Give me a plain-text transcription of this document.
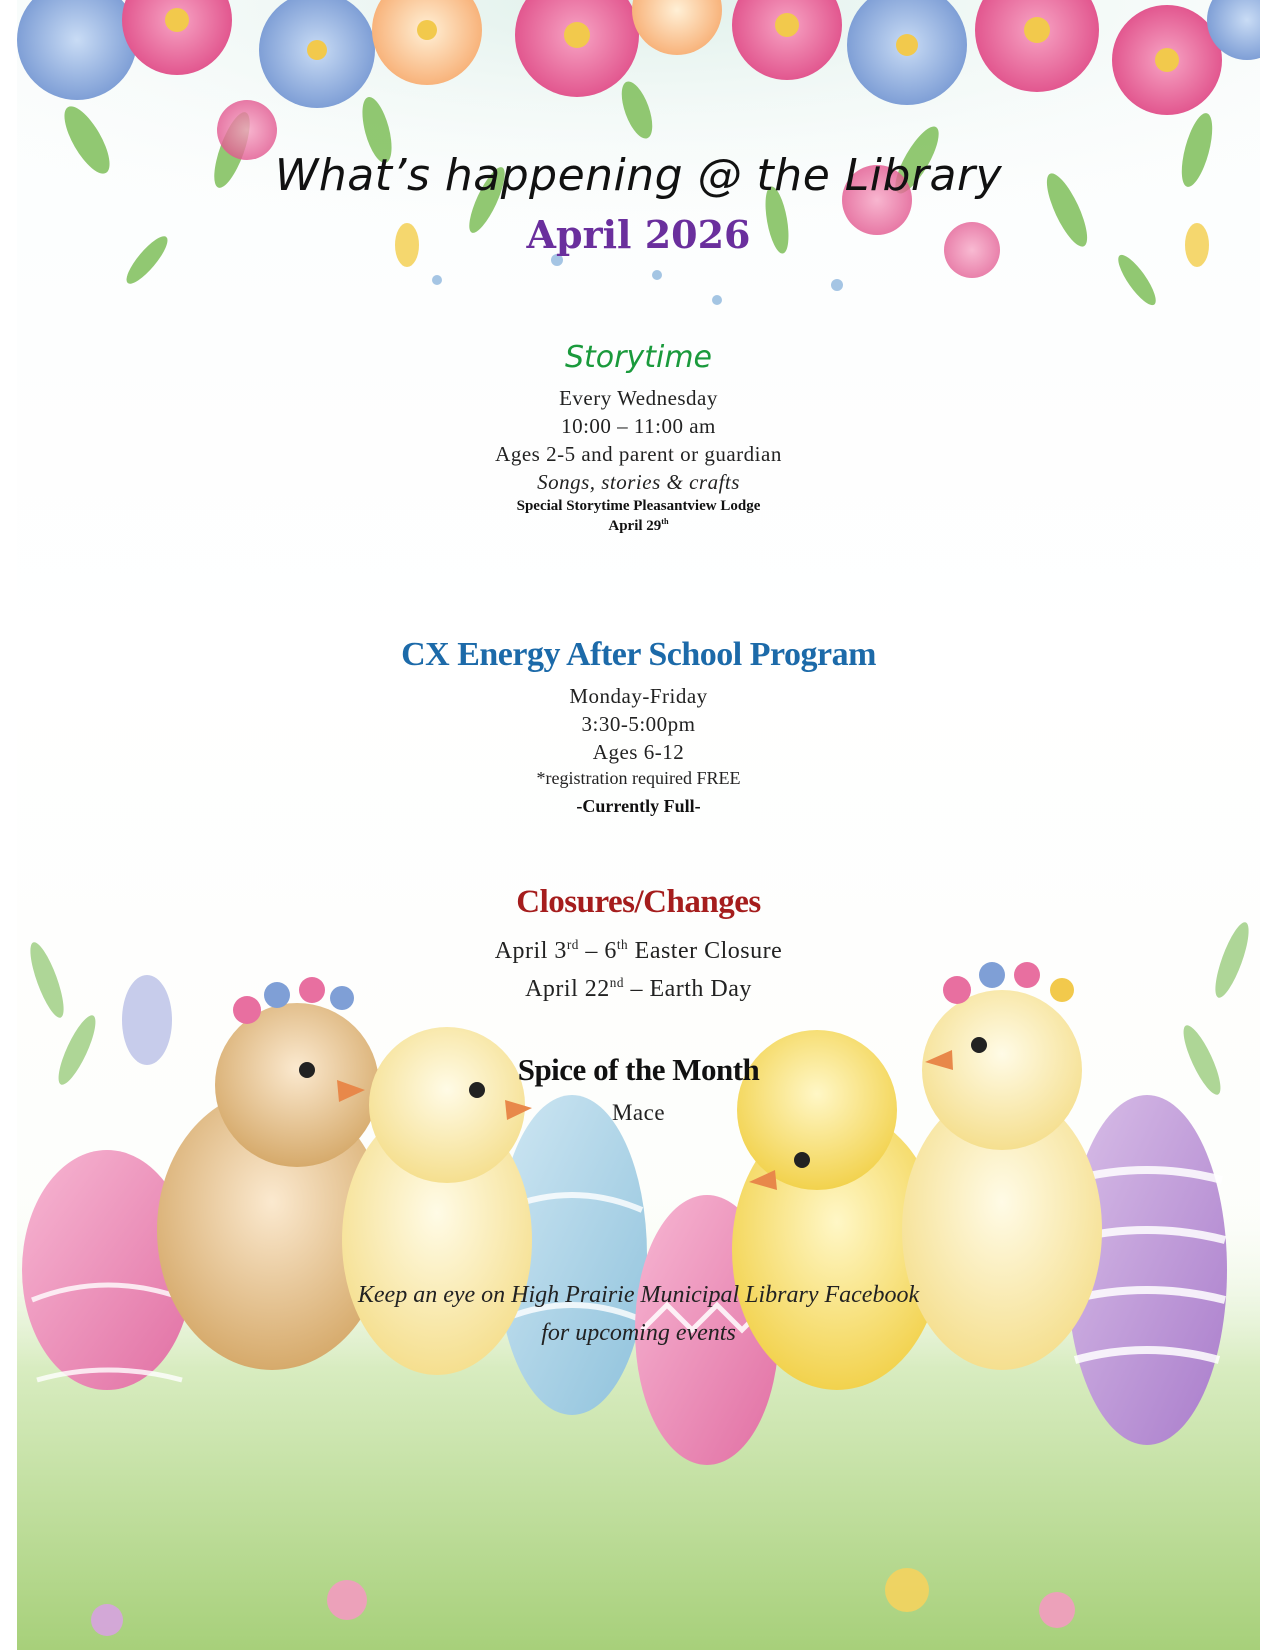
What’s happening @ the Library

April 2026

Storytime

Every Wednesday

10:00 – 11:00 am

Ages 2-5 and parent or guardian

Songs, stories & crafts

Special Storytime Pleasantview Lodge

April 29th

CX Energy After School Program

Monday-Friday

3:30-5:00pm

Ages 6-12

*registration required FREE

-Currently Full-

Closures/Changes

April 3rd – 6th Easter Closure

April 22nd – Earth Day

Spice of the Month

Mace

Keep an eye on High Prairie Municipal Library Facebook

for upcoming events
